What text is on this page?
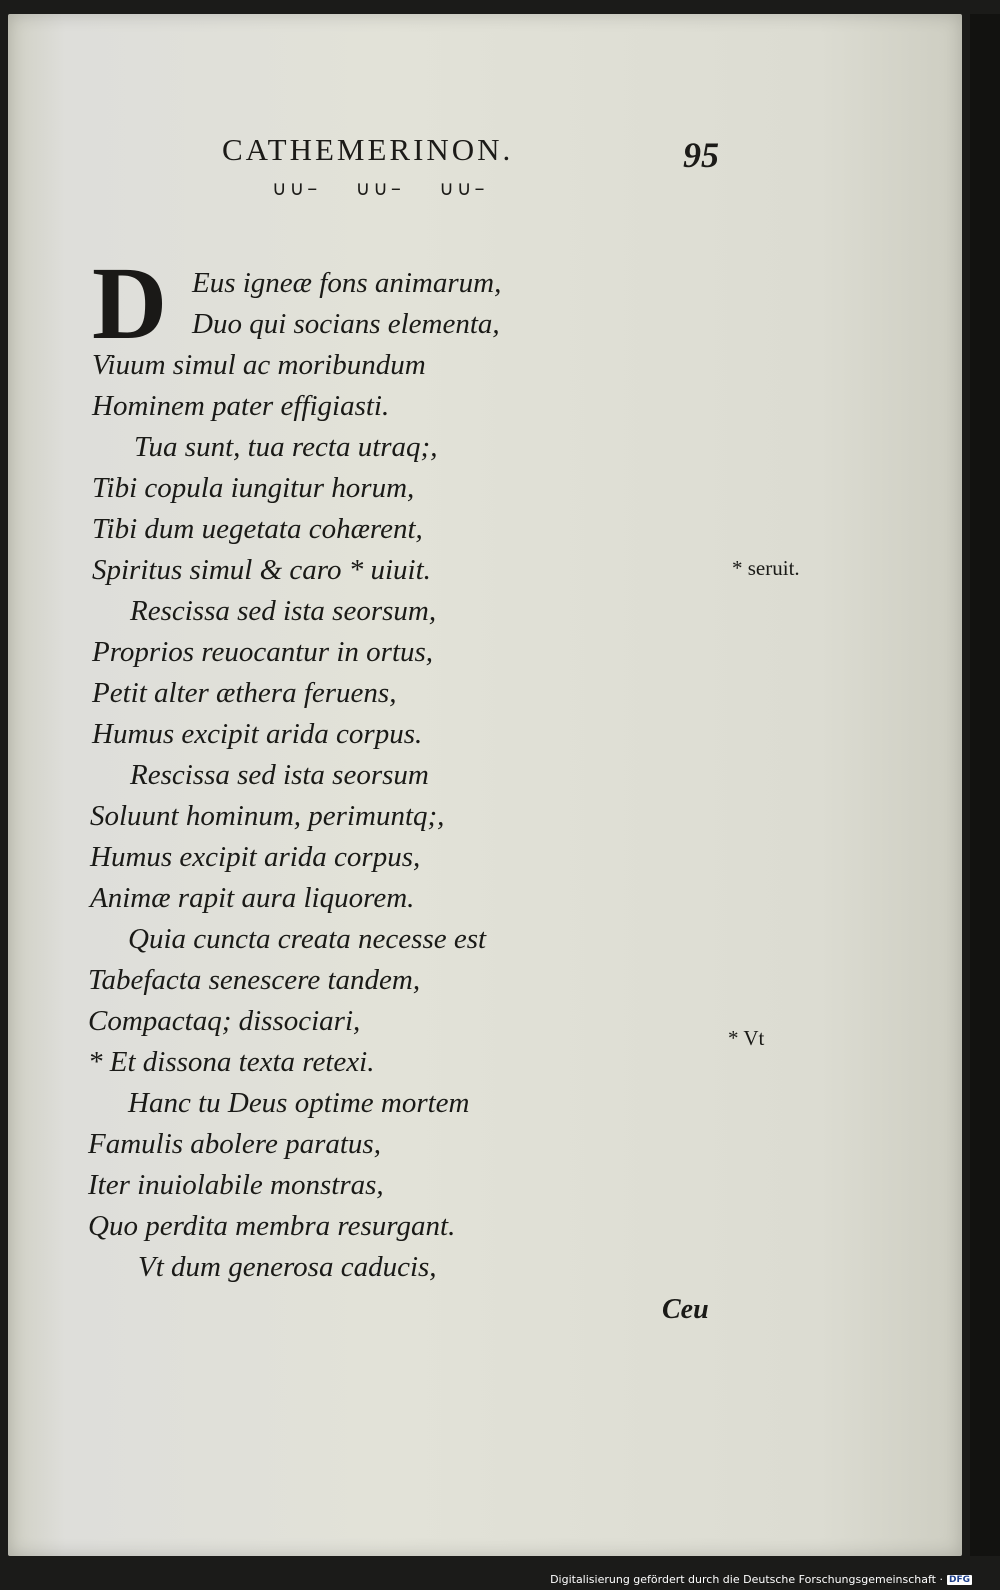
CATHEMERINON.	95
∪∪– ∪∪– ∪∪–
D Eus igneæ fons animarum,
Duo qui socians elementa,
Viuum simul ac moribundum
Hominem pater effigiasti.
Tua sunt, tua recta utraq;,
Tibi copula iungitur horum,
Tibi dum uegetata cohærent,
Spiritus simul & caro * uiuit.
Rescissa sed ista seorsum,
Proprios reuocantur in ortus,
Petit alter æthera feruens,
Humus excipit arida corpus.
Rescissa sed ista seorsum
Soluunt hominum, perimuntq;,
Humus excipit arida corpus,
Animæ rapit aura liquorem.
Quia cuncta creata necesse est
Tabefacta senescere tandem,
Compactaq; dissociari,
* Et dissona texta retexi.
Hanc tu Deus optime mortem
Famulis abolere paratus,
Iter inuiolabile monstras,
Quo perdita membra resurgant.
Vt dum generosa caducis,
* seruit.
* Vt
Ceu
Digitalisierung gefördert durch die Deutsche Forschungsgemeinschaft · DFG
